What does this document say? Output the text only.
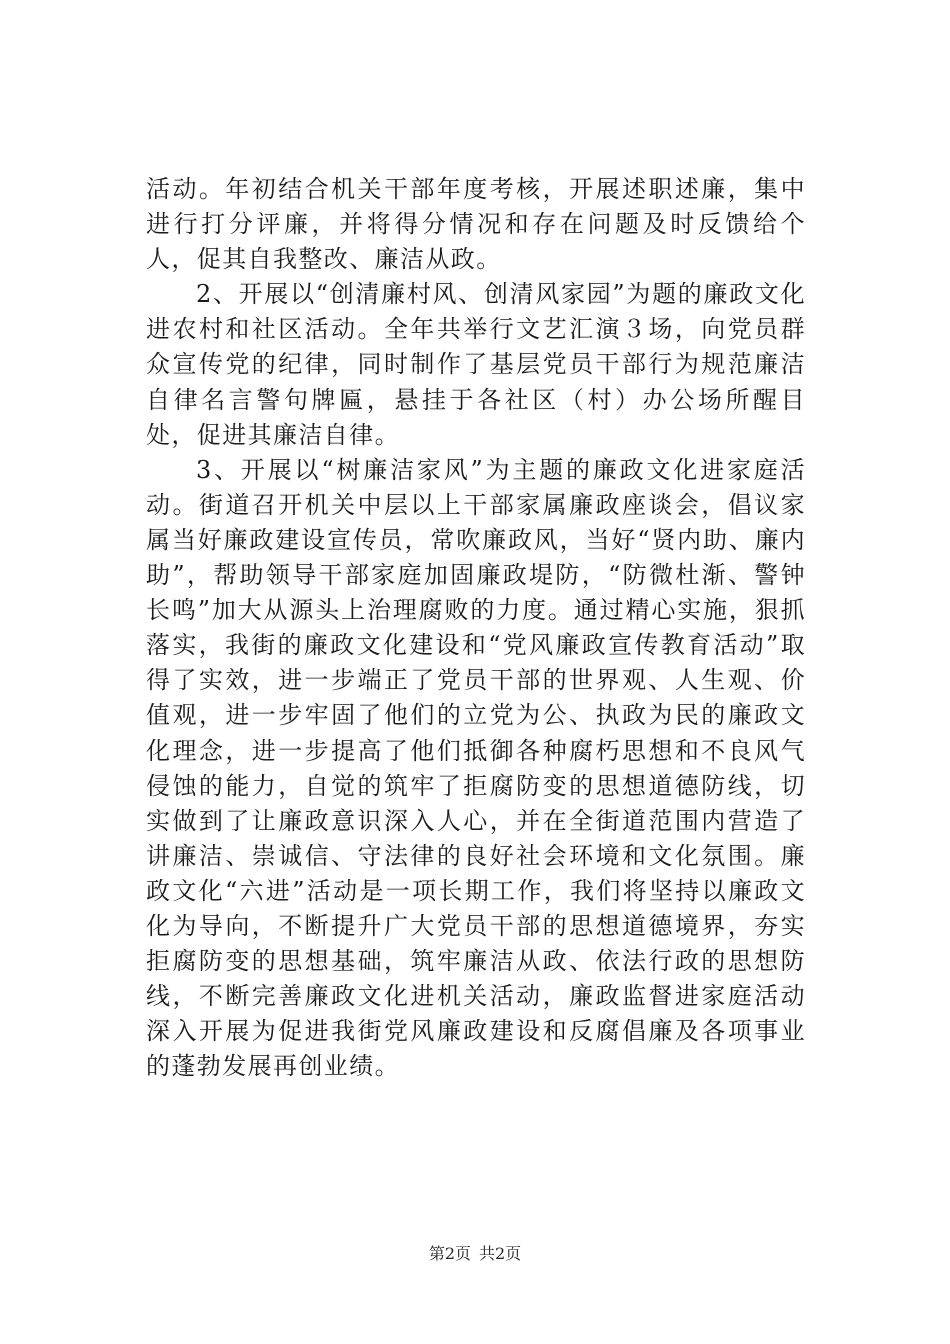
活动。年初结合机关干部年度考核，开展述职述廉，集中进行打分评廉，并将得分情况和存在问题及时反馈给个人，促其自我整改、廉洁从政。

2、开展以“创清廉村风、创清风家园”为题的廉政文化进农村和社区活动。全年共举行文艺汇演３场，向党员群众宣传党的纪律，同时制作了基层党员干部行为规范廉洁自律名言警句牌匾，悬挂于各社区（村）办公场所醒目处，促进其廉洁自律。

3、开展以“树廉洁家风”为主题的廉政文化进家庭活动。街道召开机关中层以上干部家属廉政座谈会，倡议家属当好廉政建设宣传员，常吹廉政风，当好“贤内助、廉内助”，帮助领导干部家庭加固廉政堤防，“防微杜渐、警钟长鸣”加大从源头上治理腐败的力度。通过精心实施，狠抓落实，我街的廉政文化建设和“党风廉政宣传教育活动”取得了实效，进一步端正了党员干部的世界观、人生观、价值观，进一步牢固了他们的立党为公、执政为民的廉政文化理念，进一步提高了他们抵御各种腐朽思想和不良风气侵蚀的能力，自觉的筑牢了拒腐防变的思想道德防线，切实做到了让廉政意识深入人心，并在全街道范围内营造了讲廉洁、崇诚信、守法律的良好社会环境和文化氛围。廉政文化“六进”活动是一项长期工作，我们将坚持以廉政文化为导向，不断提升广大党员干部的思想道德境界，夯实拒腐防变的思想基础，筑牢廉洁从政、依法行政的思想防线，不断完善廉政文化进机关活动，廉政监督进家庭活动深入开展为促进我街党风廉政建设和反腐倡廉及各项事业的蓬勃发展再创业绩。

第2页 共2页
